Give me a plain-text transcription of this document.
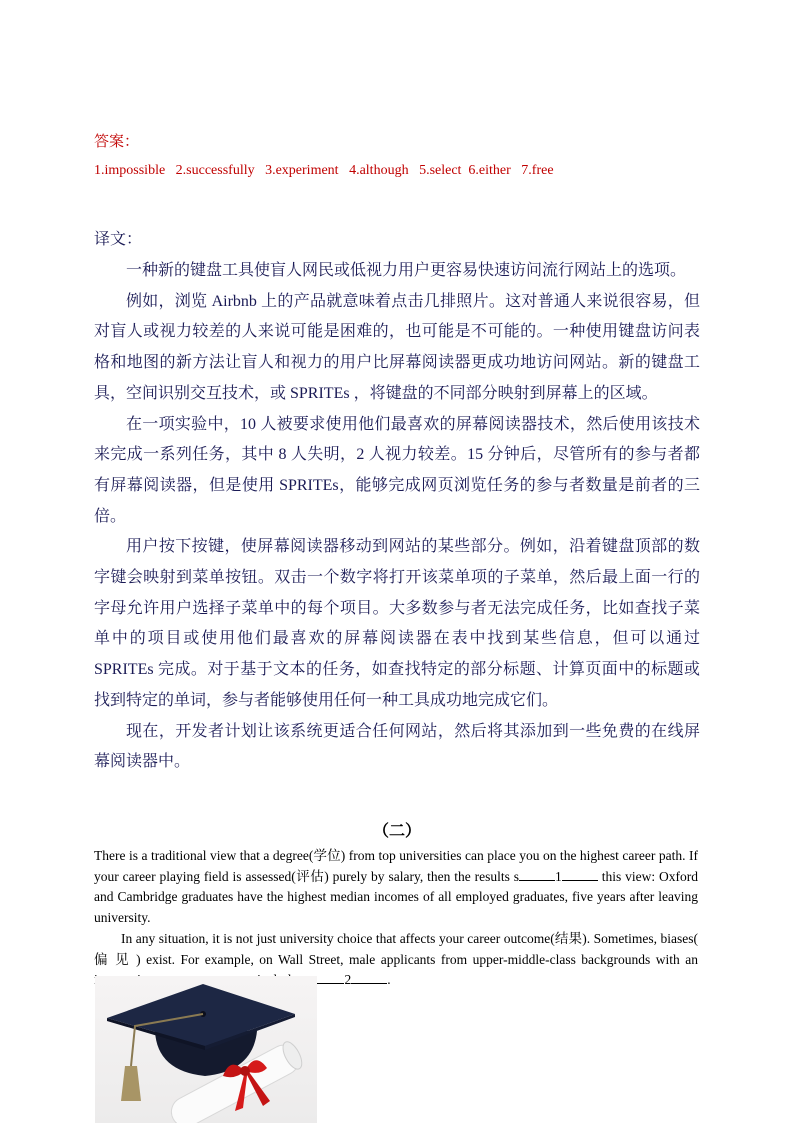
答案：
1.impossible   2.successfully   3.experiment   4.although   5.select  6.either   7.free
译文：

一种新的键盘工具使盲人网民或低视力用户更容易快速访问流行网站上的选项。

例如，浏览 Airbnb 上的产品就意味着点击几排照片。这对普通人来说很容易，但对盲人或视力较差的人来说可能是困难的，也可能是不可能的。一种使用键盘访问表格和地图的新方法让盲人和视力的用户比屏幕阅读器更成功地访问网站。新的键盘工具，空间识别交互技术，或 SPRITEs ，将键盘的不同部分映射到屏幕上的区域。

在一项实验中，10 人被要求使用他们最喜欢的屏幕阅读器技术，然后使用该技术来完成一系列任务，其中 8 人失明，2 人视力较差。15 分钟后，尽管所有的参与者都有屏幕阅读器，但是使用 SPRITEs，能够完成网页浏览任务的参与者数量是前者的三倍。

用户按下按键，使屏幕阅读器移动到网站的某些部分。例如，沿着键盘顶部的数字键会映射到菜单按钮。双击一个数字将打开该菜单项的子菜单，然后最上面一行的字母允许用户选择子菜单中的每个项目。大多数参与者无法完成任务，比如查找子菜单中的项目或使用他们最喜欢的屏幕阅读器在表中找到某些信息，但可以通过 SPRITEs 完成。对于基于文本的任务，如查找特定的部分标题、计算页面中的标题或找到特定的单词，参与者能够使用任何一种工具成功地完成它们。

现在，开发者计划让该系统更适合任何网站，然后将其添加到一些免费的在线屏幕阅读器中。

（二）

There is a traditional view that a degree(学位) from top universities can place you on the highest career path. If your career playing field is assessed(评估) purely by salary, then the results s	1	this view: Oxford and Cambridge graduates have the highest median incomes of all employed graduates, five years after leaving university.

In any situation, it is not just university choice that affects your career outcome(结果). Sometimes, biases( 偏 见 ) exist. For example, on Wall Street, male applicants from upper-middle-class backgrounds with an 2	.
